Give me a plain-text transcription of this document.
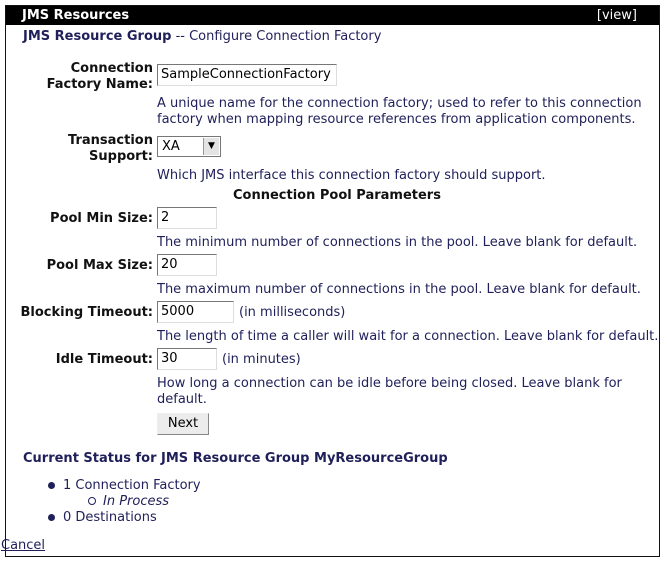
JMS Resources	[view]
JMS Resource Group -- Configure Connection Factory
Connection
Factory Name:
SampleConnectionFactory
A unique name for the connection factory; used to refer to this connection
factory when mapping resource references from application components.
Transaction
Support:
XA	▼
Which JMS interface this connection factory should support.
Connection Pool Parameters
Pool Min Size: 2
The minimum number of connections in the pool. Leave blank for default.
Pool Max Size: 20
The maximum number of connections in the pool. Leave blank for default.
Blocking Timeout: 5000	(in milliseconds)
The length of time a caller will wait for a connection. Leave blank for default.
Idle Timeout: 30	(in minutes)
How long a connection can be idle before being closed. Leave blank for
default.
Next
Current Status for JMS Resource Group MyResourceGroup
1 Connection Factory
In Process
0 Destinations
Cancel
